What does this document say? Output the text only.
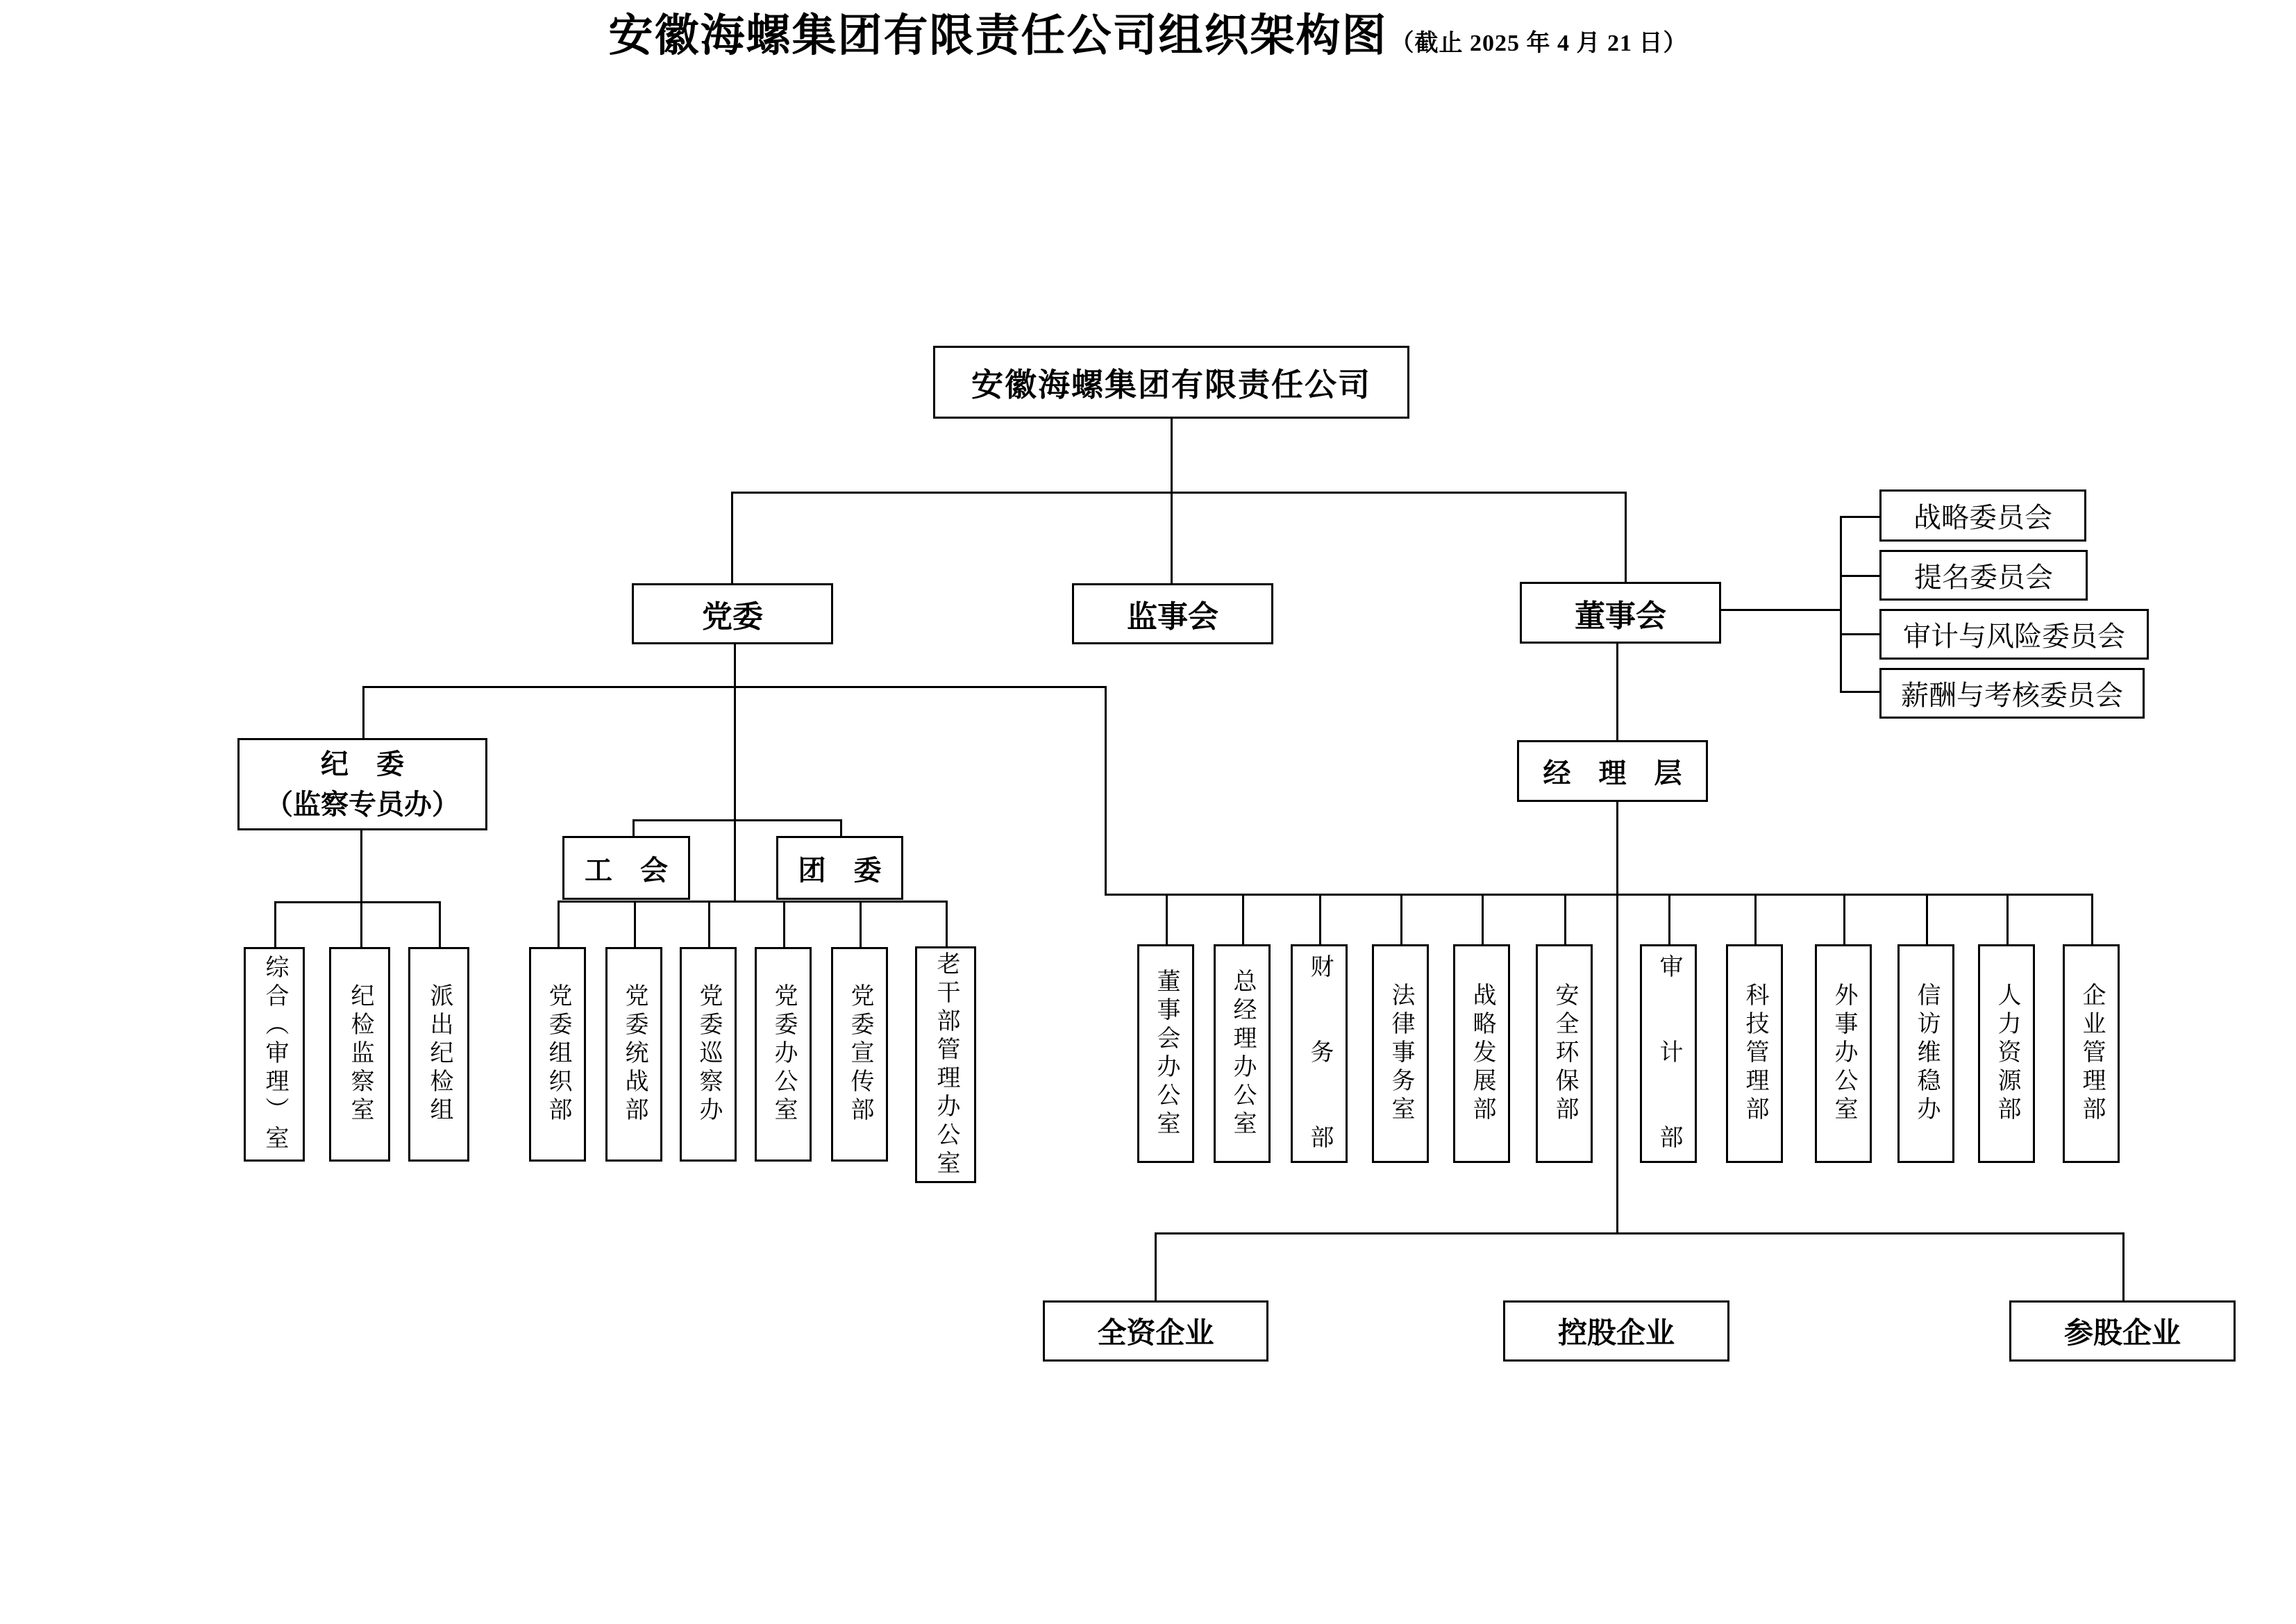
安徽海螺集团有限责任公司组织架构图 （截止 2025 年 4 月 21 日）
安徽海螺集团有限责任公司
党委	监事会	董事会
战略委员会
提名委员会
审计与风险委员会
薪酬与考核委员会
纪　委
（监察专员办）
经　理　层
工　会	团　委
综合（审理）室	纪检监察室 派出纪检组	党委组织部 党委统战部 党委巡察办 党委办公室 党委宣传部	老干部管理办公室	董事会办公室 总经理办公室 财　　务　　部 法律事务室 战略发展部 安全环保部	审　　计　　部	科技管理部	外事办公室 信访维稳办 人力资源部	企业管理部
全资企业	控股企业	参股企业
